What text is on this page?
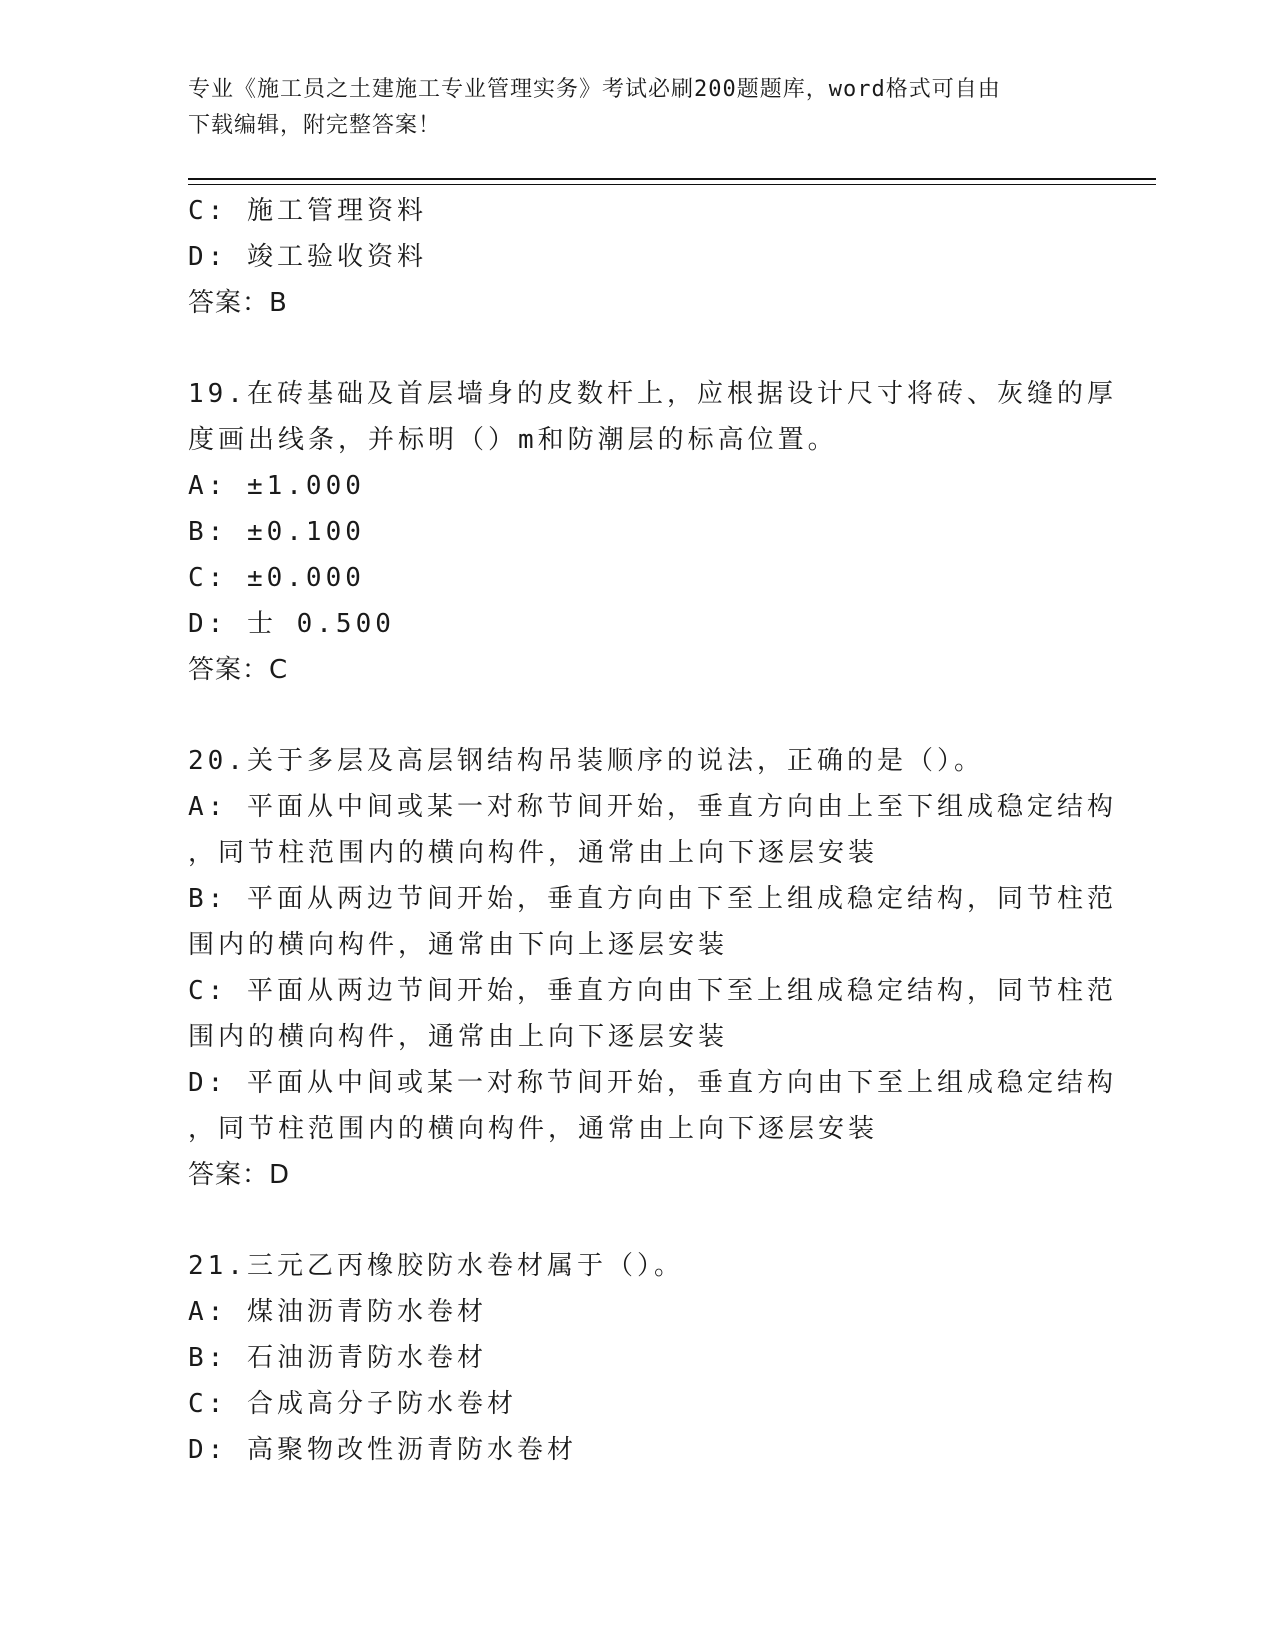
专业《施工员之土建施工专业管理实务》考试必刷200题题库，word格式可自由
下载编辑，附完整答案！
C: 施工管理资料
D: 竣工验收资料
答案：B
19.在砖基础及首层墙身的皮数杆上，应根据设计尺寸将砖、灰缝的厚
度画出线条，并标明（）m和防潮层的标高位置。
A: ±1.000
B: ±0.100
C: ±0.000
D: 士 0.500
答案：C
20.关于多层及高层钢结构吊装顺序的说法，正确的是（）。
A: 平面从中间或某一对称节间开始，垂直方向由上至下组成稳定结构
，同节柱范围内的横向构件，通常由上向下逐层安装
B: 平面从两边节间开始，垂直方向由下至上组成稳定结构，同节柱范
围内的横向构件，通常由下向上逐层安装
C: 平面从两边节间开始，垂直方向由下至上组成稳定结构，同节柱范
围内的横向构件，通常由上向下逐层安装
D: 平面从中间或某一对称节间开始，垂直方向由下至上组成稳定结构
，同节柱范围内的横向构件，通常由上向下逐层安装
答案：D
21.三元乙丙橡胶防水卷材属于（）。
A: 煤油沥青防水卷材
B: 石油沥青防水卷材
C: 合成高分子防水卷材
D: 高聚物改性沥青防水卷材
